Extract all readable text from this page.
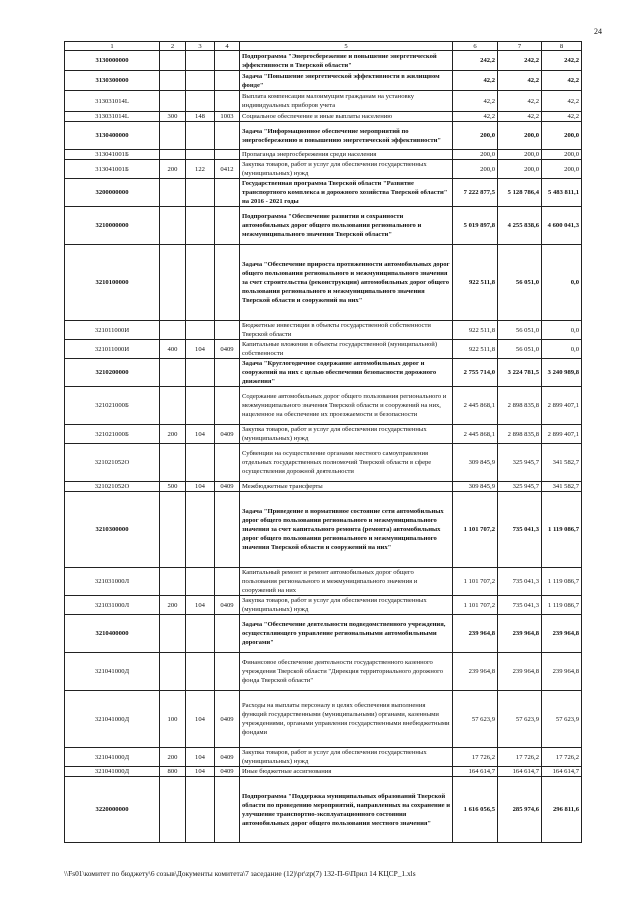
24
1	2	3	4	5	6	7	8
3130000000				Подпрограмма "Энергосбережение и повышение энергетической эффективности в Тверской области"	242,2	242,2	242,2
3130300000				Задача "Повышение энергетической эффективности в жилищном фонде"	42,2	42,2	42,2
313031014L				Выплата компенсации малоимущим гражданам на установку индивидуальных приборов учета	42,2	42,2	42,2
313031014L	300	148	1003	Социальное обеспечение и иные выплаты населению	42,2	42,2	42,2
3130400000				Задача "Информационное обеспечение мероприятий по энергосбережению и повышению энергетической эффективности"	200,0	200,0	200,0
313041001Б				Пропаганда энергосбережения среди населения	200,0	200,0	200,0
313041001Б	200	122	0412	Закупка товаров, работ и услуг для обеспечения государственных (муниципальных) нужд	200,0	200,0	200,0
3200000000				Государственная программа Тверской области "Развитие транспортного комплекса и дорожного хозяйства Тверской области" на 2016 - 2021 годы	7 222 877,5	5 128 786,4	5 483 811,1
3210000000				Подпрограмма "Обеспечение развития и сохранности автомобильных дорог общего пользования регионального и межмуниципального значения Тверской области"	5 019 897,8	4 255 838,6	4 600 041,3
3210100000				Задача "Обеспечение прироста протяженности автомобильных дорог общего пользования регионального и межмуниципального значения за счет строительства (реконструкции) автомобильных дорог общего пользования регионального и межмуниципального значения Тверской области и сооружений на них"	922 511,8	56 051,0	0,0
321011000И				Бюджетные инвестиции в объекты государственной собственности Тверской области	922 511,8	56 051,0	0,0
321011000И	400	104	0409	Капитальные вложения в объекты государственной (муниципальной) собственности	922 511,8	56 051,0	0,0
3210200000				Задача "Круглогодичное содержание автомобильных дорог и сооружений на них с целью обеспечения безопасности дорожного движения"	2 755 714,0	3 224 781,5	3 240 989,8
321021000Б				Содержание автомобильных дорог общего пользования регионального и межмуниципального значения Тверской области и сооружений на них, нацеленное на обеспечение их проезжаемости и безопасности	2 445 868,1	2 898 835,8	2 899 407,1
321021000Б	200	104	0409	Закупка товаров, работ и услуг для обеспечения государственных (муниципальных) нужд	2 445 868,1	2 898 835,8	2 899 407,1
321021052О				Субвенции на осуществление органами местного самоуправления отдельных государственных полномочий Тверской области в сфере осуществления дорожной деятельности	309 845,9	325 945,7	341 582,7
321021052О	500	104	0409	Межбюджетные трансферты	309 845,9	325 945,7	341 582,7
3210300000				Задача "Приведение в нормативное состояние сети автомобильных дорог общего пользования регионального и межмуниципального значения за счет капитального ремонта (ремонта) автомобильных дорог общего пользования регионального и межмуниципального значения Тверской области и сооружений на них"	1 101 707,2	735 041,3	1 119 086,7
321031000Л				Капитальный ремонт и ремонт автомобильных дорог общего пользования регионального и межмуниципального значения и сооружений на них	1 101 707,2	735 041,3	1 119 086,7
321031000Л	200	104	0409	Закупка товаров, работ и услуг для обеспечения государственных (муниципальных) нужд	1 101 707,2	735 041,3	1 119 086,7
3210400000				Задача "Обеспечение деятельности подведомственного учреждения, осуществляющего управление региональными автомобильными дорогами"	239 964,8	239 964,8	239 964,8
321041000Д				Финансовое обеспечение деятельности государственного казенного учреждения Тверской области "Дирекция территориального дорожного фонда Тверской области"	239 964,8	239 964,8	239 964,8
321041000Д	100	104	0409	Расходы на выплаты персоналу в целях обеспечения выполнения функций государственными (муниципальными) органами, казенными учреждениями, органами управления государственными внебюджетными фондами	57 623,9	57 623,9	57 623,9
321041000Д	200	104	0409	Закупка товаров, работ и услуг для обеспечения государственных (муниципальных) нужд	17 726,2	17 726,2	17 726,2
321041000Д	800	104	0409	Иные бюджетные ассигнования	164 614,7	164 614,7	164 614,7
3220000000				Подпрограмма "Поддержка муниципальных образований Тверской области по проведению мероприятий, направленных на сохранение и улучшение транспортно-эксплуатационного состояния автомобильных дорог общего пользования местного значения"	1 616 056,5	285 974,6	296 811,6
\\Fs01\комитет по бюджету\6 созыв\Документы комитета\7 заседание (12)\pr\zp(7) 132-П-6\Прил 14 КЦСР_1.xls
